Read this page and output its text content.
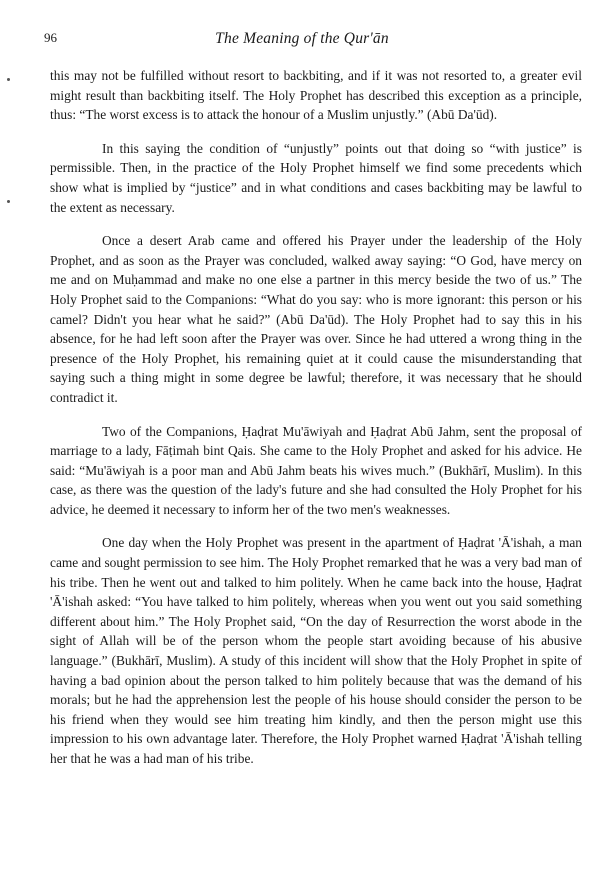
96	The Meaning of the Qur'ān

this may not be fulfilled without resort to backbiting, and if it was not resorted to, a greater evil might result than backbiting itself. The Holy Prophet has described this exception as a principle, thus: “The worst excess is to attack the honour of a Muslim unjustly.” (Abū Da'ūd).

In this saying the condition of “unjustly” points out that doing so “with justice” is permissible. Then, in the practice of the Holy Prophet himself we find some precedents which show what is implied by “justice” and in what conditions and cases backbiting may be lawful to the extent as necessary.

Once a desert Arab came and offered his Prayer under the leadership of the Holy Prophet, and as soon as the Prayer was concluded, walked away saying: “O God, have mercy on me and on Muḥammad and make no one else a partner in this mercy beside the two of us.” The Holy Prophet said to the Companions: “What do you say: who is more ignorant: this person or his camel? Didn't you hear what he said?” (Abū Da'ūd). The Holy Prophet had to say this in his absence, for he had left soon after the Prayer was over. Since he had uttered a wrong thing in the presence of the Holy Prophet, his remaining quiet at it could cause the misunderstanding that saying such a thing might in some degree be lawful; therefore, it was necessary that he should contradict it.

Two of the Companions, Ḥaḍrat Mu'āwiyah and Ḥaḍrat Abū Jahm, sent the proposal of marriage to a lady, Fāṭimah bint Qais. She came to the Holy Prophet and asked for his advice. He said: “Mu'āwiyah is a poor man and Abū Jahm beats his wives much.” (Bukhārī, Muslim). In this case, as there was the question of the lady's future and she had consulted the Holy Prophet for his advice, he deemed it necessary to inform her of the two men's weaknesses.

One day when the Holy Prophet was present in the apartment of Ḥaḍrat 'Ā'ishah, a man came and sought permission to see him. The Holy Prophet remarked that he was a very bad man of his tribe. Then he went out and talked to him politely. When he came back into the house, Ḥaḍrat 'Ā'ishah asked: “You have talked to him politely, whereas when you went out you said something different about him.” The Holy Prophet said, “On the day of Resurrection the worst abode in the sight of Allah will be of the person whom the people start avoiding because of his abusive language.” (Bukhārī, Muslim). A study of this incident will show that the Holy Prophet in spite of having a bad opinion about the person talked to him politely because that was the demand of his morals; but he had the apprehension lest the people of his house should consider the person to be his friend when they would see him treating him kindly, and then the person might use this impression to his own advantage later. Therefore, the Holy Prophet warned Ḥaḍrat 'Ā'ishah telling her that he was a had man of his tribe.
